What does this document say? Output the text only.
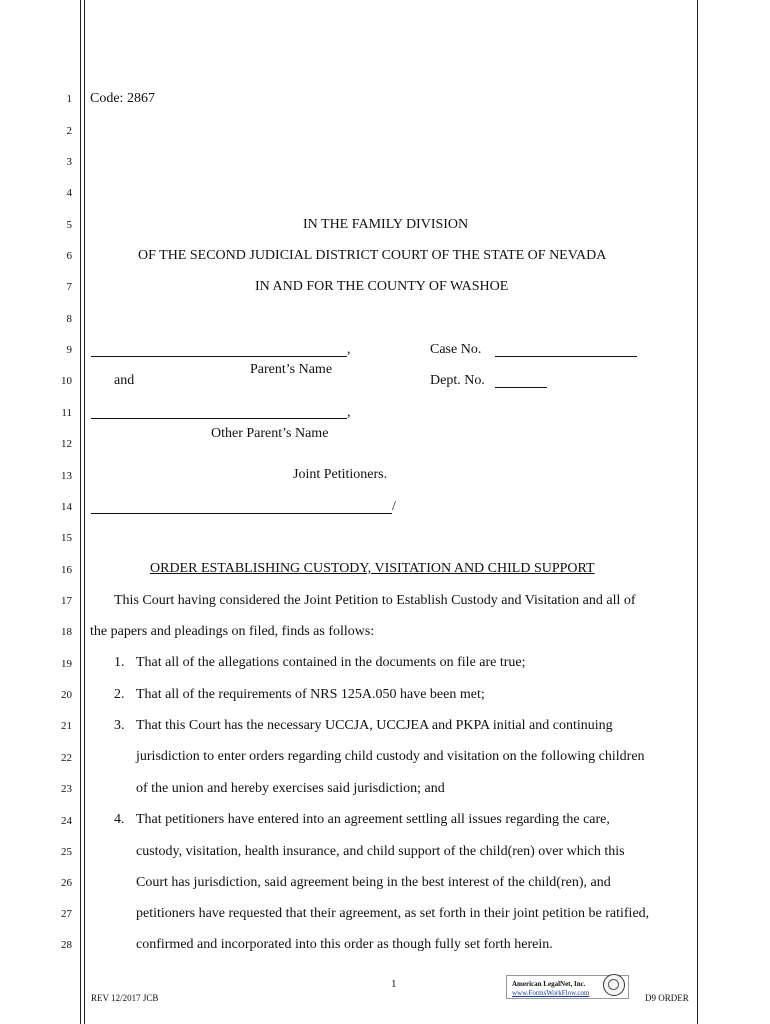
1
2
3
4
5
6
7
8
9
10
11
12
13
14
15
16
17
18
19
20
21
22
23
24
25
26
27
28
Code: 2867
IN THE FAMILY DIVISION
OF THE SECOND JUDICIAL DISTRICT COURT OF THE STATE OF NEVADA
IN AND FOR THE COUNTY OF WASHOE
,
Parent’s Name
and
,
Other Parent’s Name
Joint Petitioners.
/
Case No.
Dept. No.
ORDER ESTABLISHING CUSTODY, VISITATION AND CHILD SUPPORT
This Court having considered the Joint Petition to Establish Custody and Visitation and all of
the papers and pleadings on filed, finds as follows:
1. That all of the allegations contained in the documents on file are true;
2. That all of the requirements of NRS 125A.050 have been met;
3. That this Court has the necessary UCCJA, UCCJEA and PKPA initial and continuing
jurisdiction to enter orders regarding child custody and visitation on the following children
of the union and hereby exercises said jurisdiction; and
4. That petitioners have entered into an agreement settling all issues regarding the care,
custody, visitation, health insurance, and child support of the child(ren) over which this
Court has jurisdiction, said agreement being in the best interest of the child(ren), and
petitioners have requested that their agreement, as set forth in their joint petition be ratified,
confirmed and incorporated into this order as though fully set forth herein.
1
REV 12/2017 JCB
American LegalNet, Inc.
www.FormsWorkFlow.com	D9 ORDER
